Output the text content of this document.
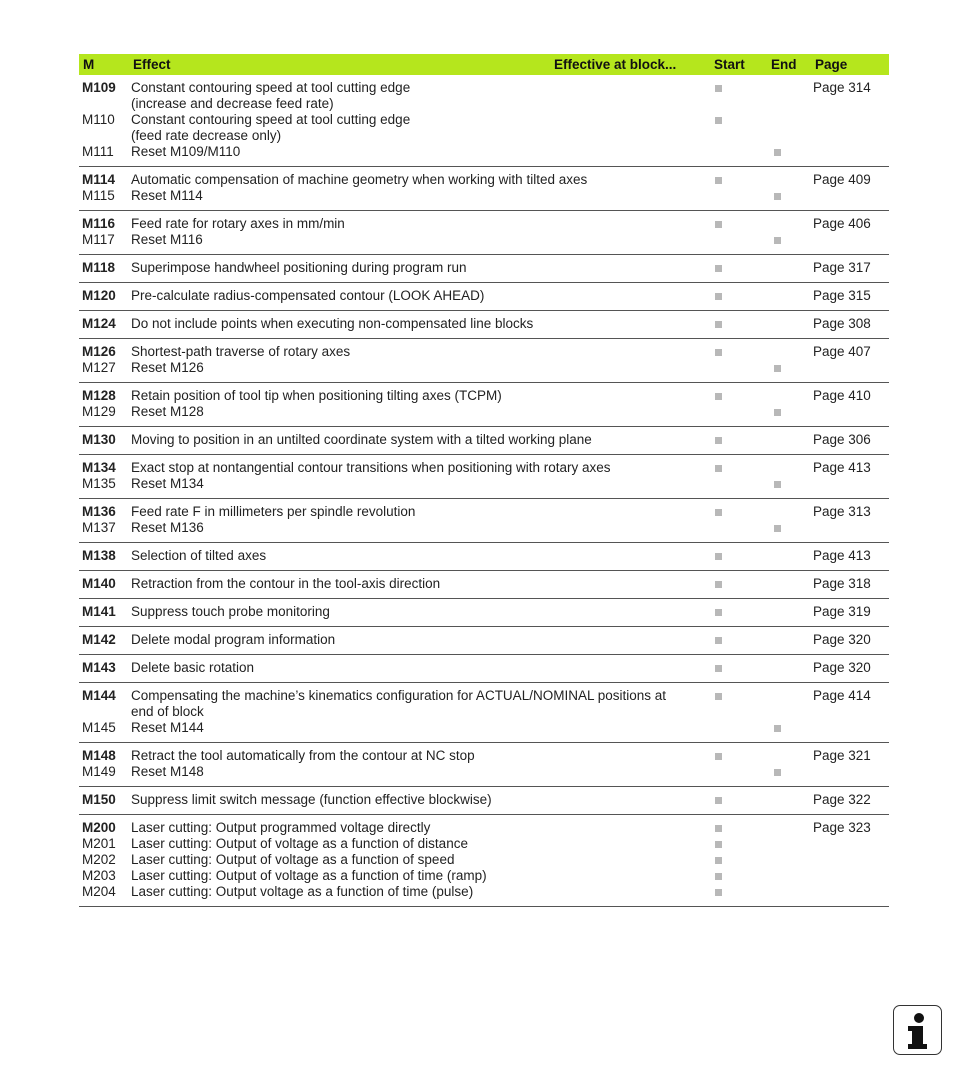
M	Effect	Effective at block...	Start	End	Page
M109	Constant contouring speed at tool cutting edge
(increase and decrease feed rate)
Page 314
M110	Constant contouring speed at tool cutting edge
(feed rate decrease only)
M111	Reset M109/M110
M114	Automatic compensation of machine geometry when working with tilted axes	Page 409
M115	Reset M114
M116	Feed rate for rotary axes in mm/min	Page 406
M117	Reset M116
M118	Superimpose handwheel positioning during program run	Page 317
M120	Pre-calculate radius-compensated contour (LOOK AHEAD)	Page 315
M124	Do not include points when executing non-compensated line blocks	Page 308
M126	Shortest-path traverse of rotary axes	Page 407
M127	Reset M126
M128	Retain position of tool tip when positioning tilting axes (TCPM)	Page 410
M129	Reset M128
M130	Moving to position in an untilted coordinate system with a tilted working plane	Page 306
M134	Exact stop at nontangential contour transitions when positioning with rotary axes	Page 413
M135	Reset M134
M136	Feed rate F in millimeters per spindle revolution	Page 313
M137	Reset M136
M138	Selection of tilted axes	Page 413
M140	Retraction from the contour in the tool-axis direction	Page 318
M141	Suppress touch probe monitoring	Page 319
M142	Delete modal program information	Page 320
M143	Delete basic rotation	Page 320
M144	Compensating the machine’s kinematics configuration for ACTUAL/NOMINAL positions at
end of block
Page 414
M145	Reset M144
M148	Retract the tool automatically from the contour at NC stop	Page 321
M149	Reset M148
M150	Suppress limit switch message (function effective blockwise)	Page 322
M200	Laser cutting: Output programmed voltage directly	Page 323
M201	Laser cutting: Output of voltage as a function of distance
M202	Laser cutting: Output of voltage as a function of speed
M203	Laser cutting: Output of voltage as a function of time (ramp)
M204	Laser cutting: Output voltage as a function of time (pulse)
